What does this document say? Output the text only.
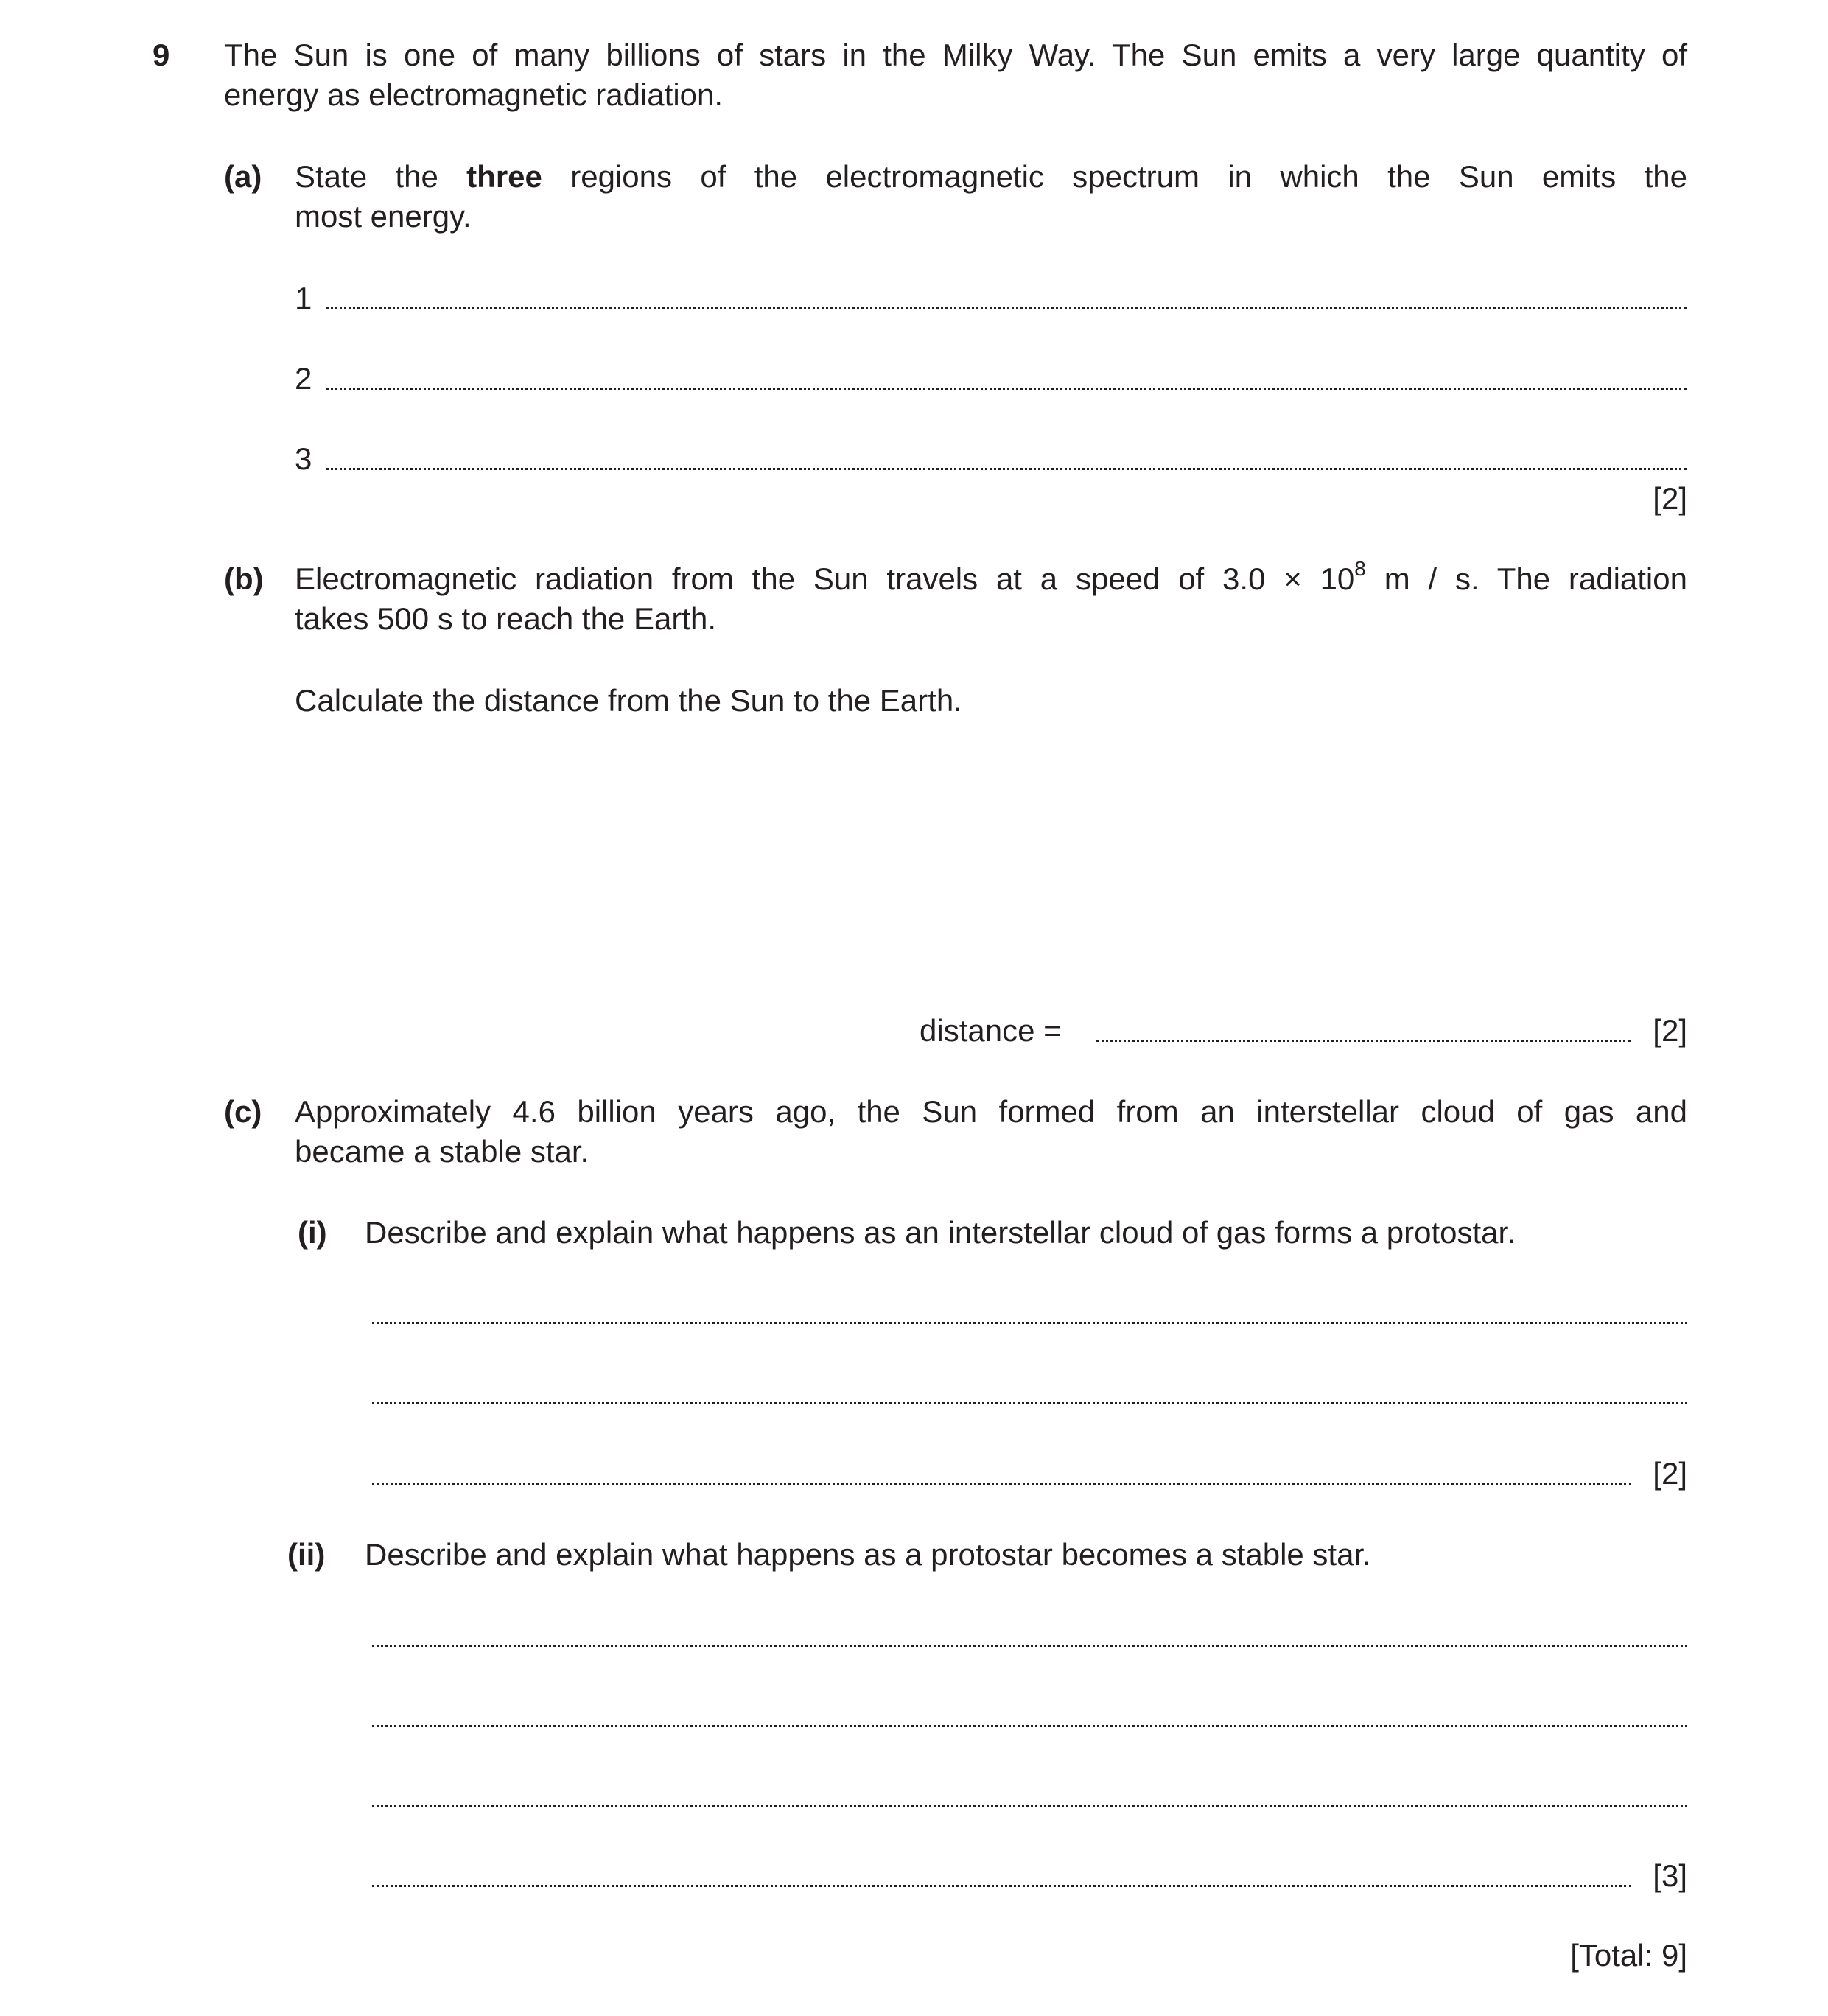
9 The Sun is one of many billions of stars in the Milky Way. The Sun emits a very large quantity of
energy as electromagnetic radiation.
(a) State the three regions of the electromagnetic spectrum in which the Sun emits the
most energy.
1
2
3
[2]
(b) Electromagnetic radiation from the Sun travels at a speed of $3.0 \times 10^8$ m / s. The radiation
takes 500 s to reach the Earth.
Calculate the distance from the Sun to the Earth.
distance =	[2]
(c) Approximately 4.6 billion years ago, the Sun formed from an interstellar cloud of gas and
became a stable star.
(i) Describe and explain what happens as an interstellar cloud of gas forms a protostar.
[2]
(ii) Describe and explain what happens as a protostar becomes a stable star.
[3]
[Total: 9]
